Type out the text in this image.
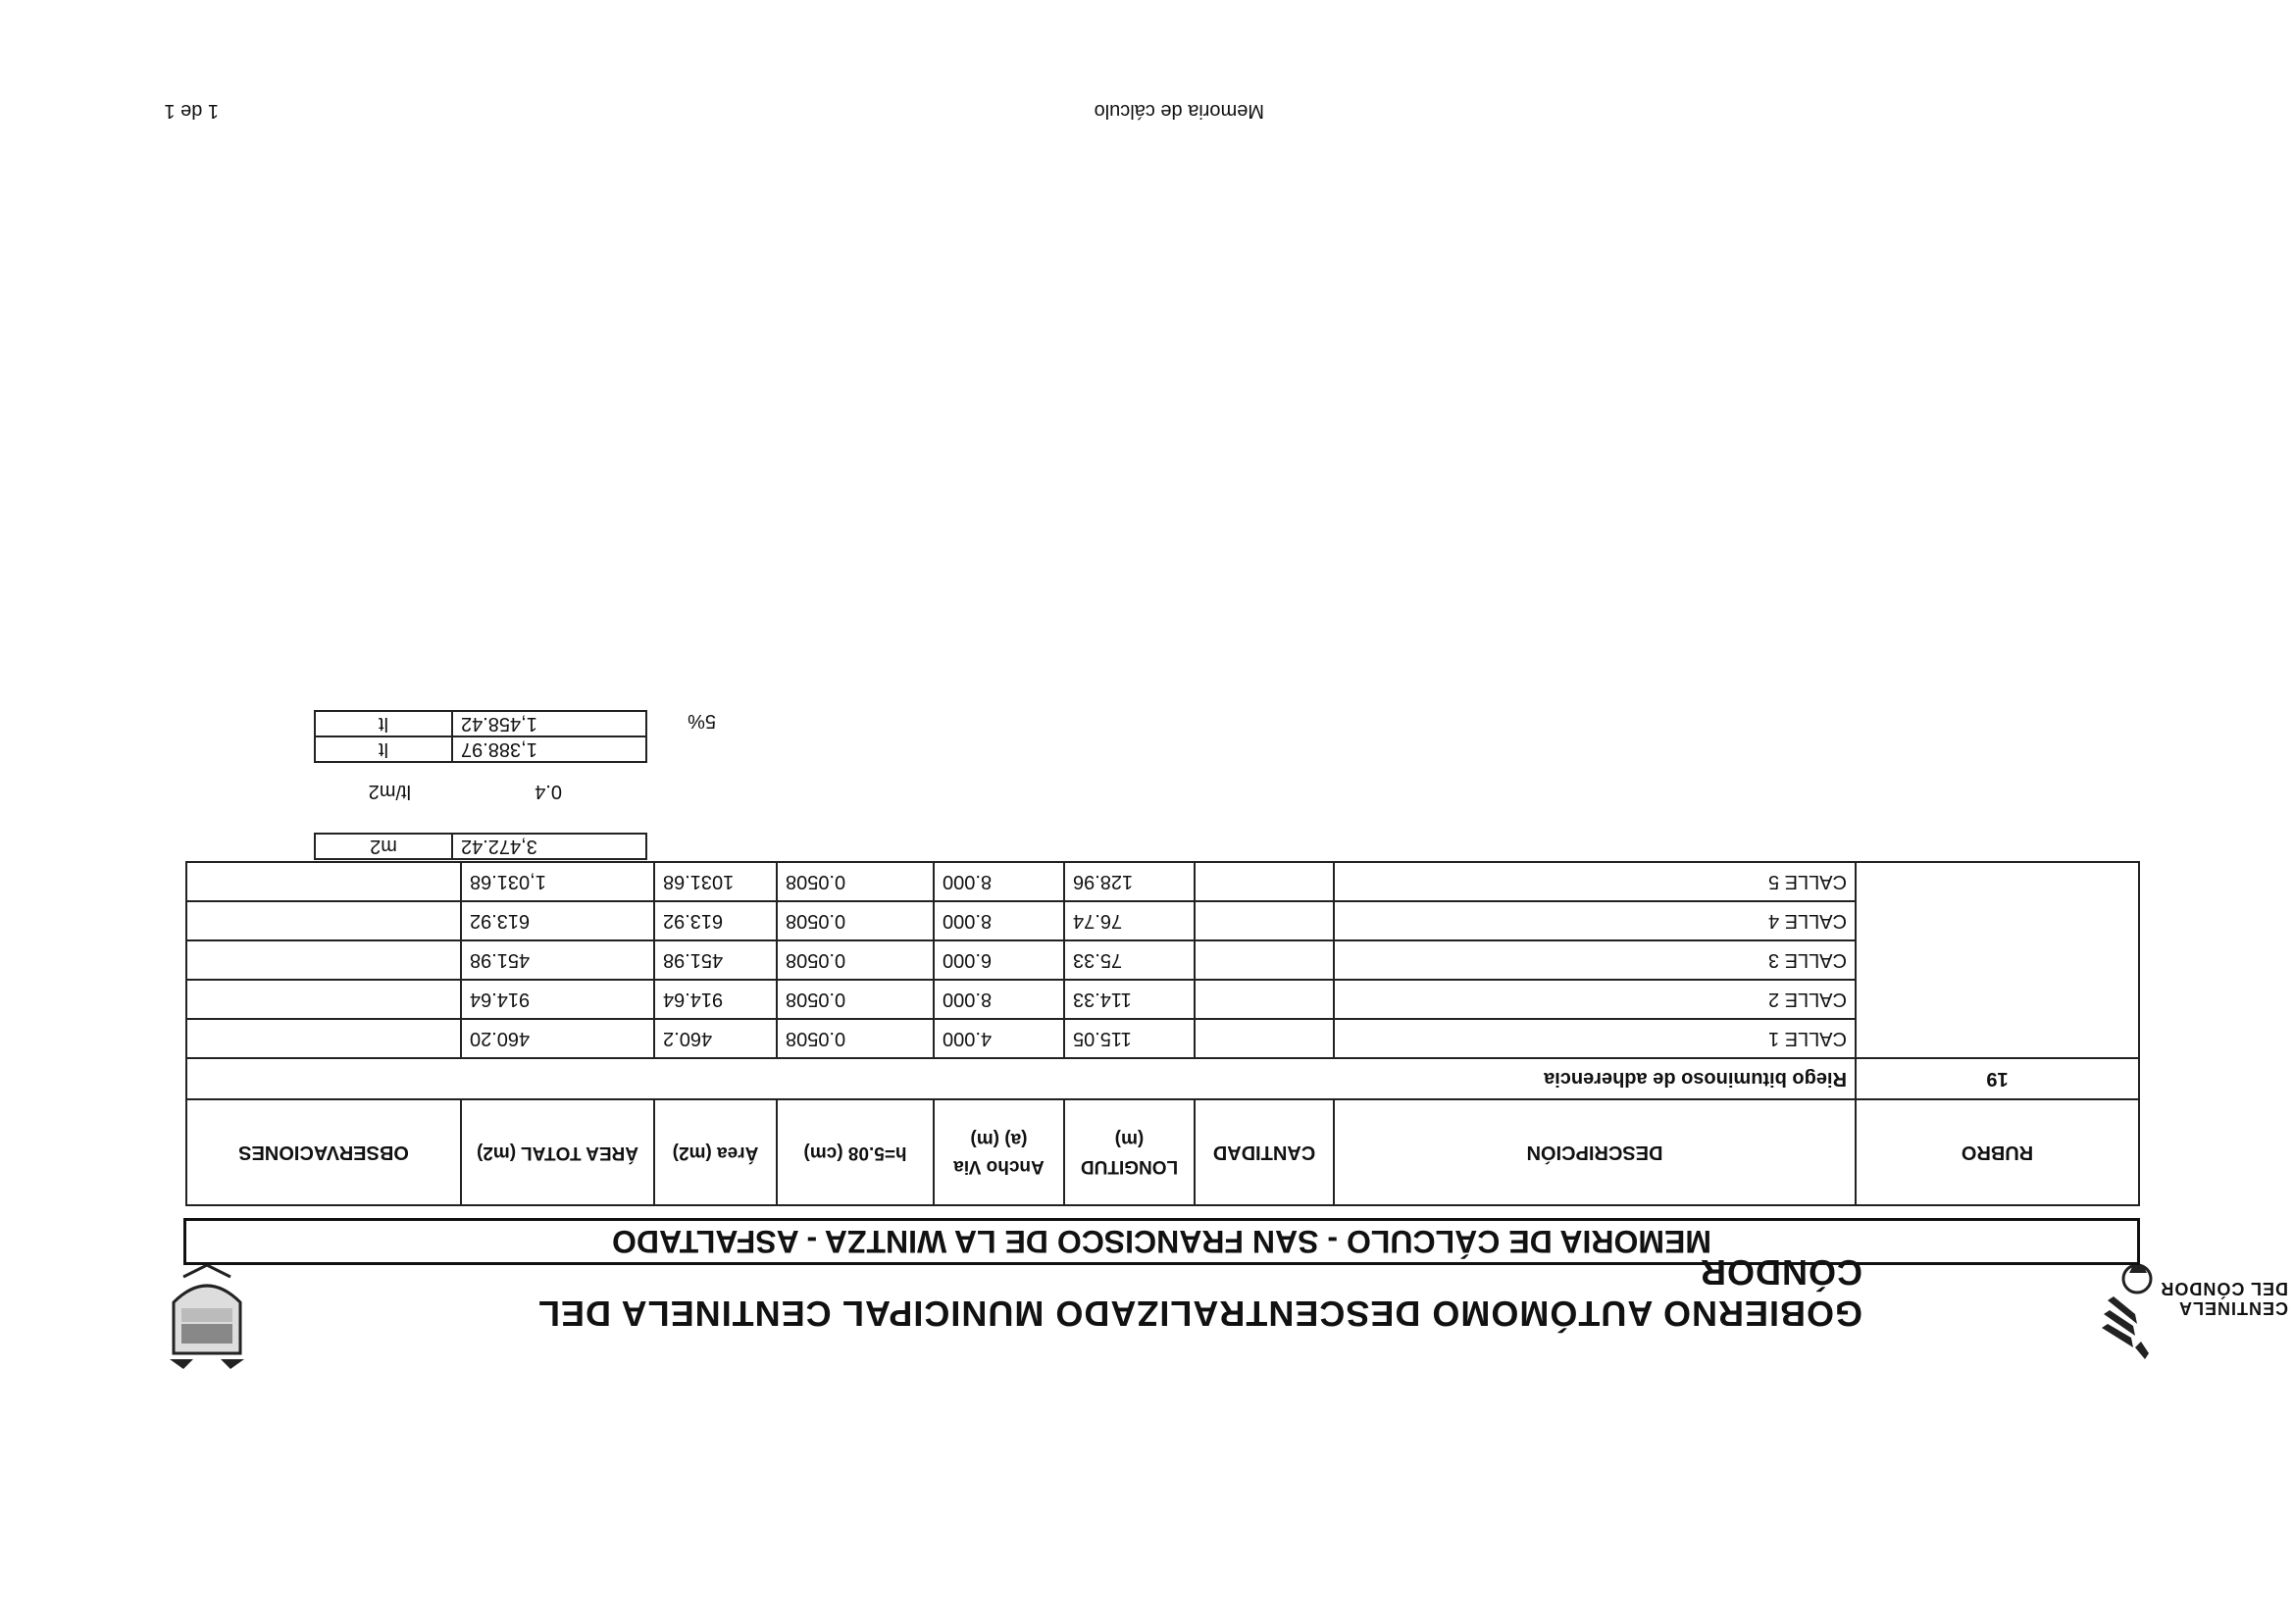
CENTINELA
DEL CÓNDOR
GOBIERNO AUTÓMOMO DESCENTRALIZADO MUNICIPAL CENTINELA DEL CÓNDOR
MEMORIA DE CÁLCULO - SAN FRANCISCO DE LA WINTZA - ASFALTADO
RUBRO	DESCRIPCIÓN	CANTIDAD	LONGITUD (m)	Ancho Via (a) (m)	h=5.08 (cm)	Área (m2)	ÁREA TOTAL (m2)	OBSERVACIONES
19	Riego bituminoso de adherencia							
	CALLE 1		115.05	4.000	0.0508	460.2	460.20	
	CALLE 2		114.33	8.000	0.0508	914.64	914.64	
	CALLE 3		75.33	6.000	0.0508	451.98	451.98	
	CALLE 4		76.74	8.000	0.0508	613.92	613.92	
	CALLE 5		128.96	8.000	0.0508	1031.68	1,031.68	
3,472.42	m2
0.4
lt/m2
1,388.97	lt
1,458.42	lt	5%
Memoria de cálculo
1 de 1
